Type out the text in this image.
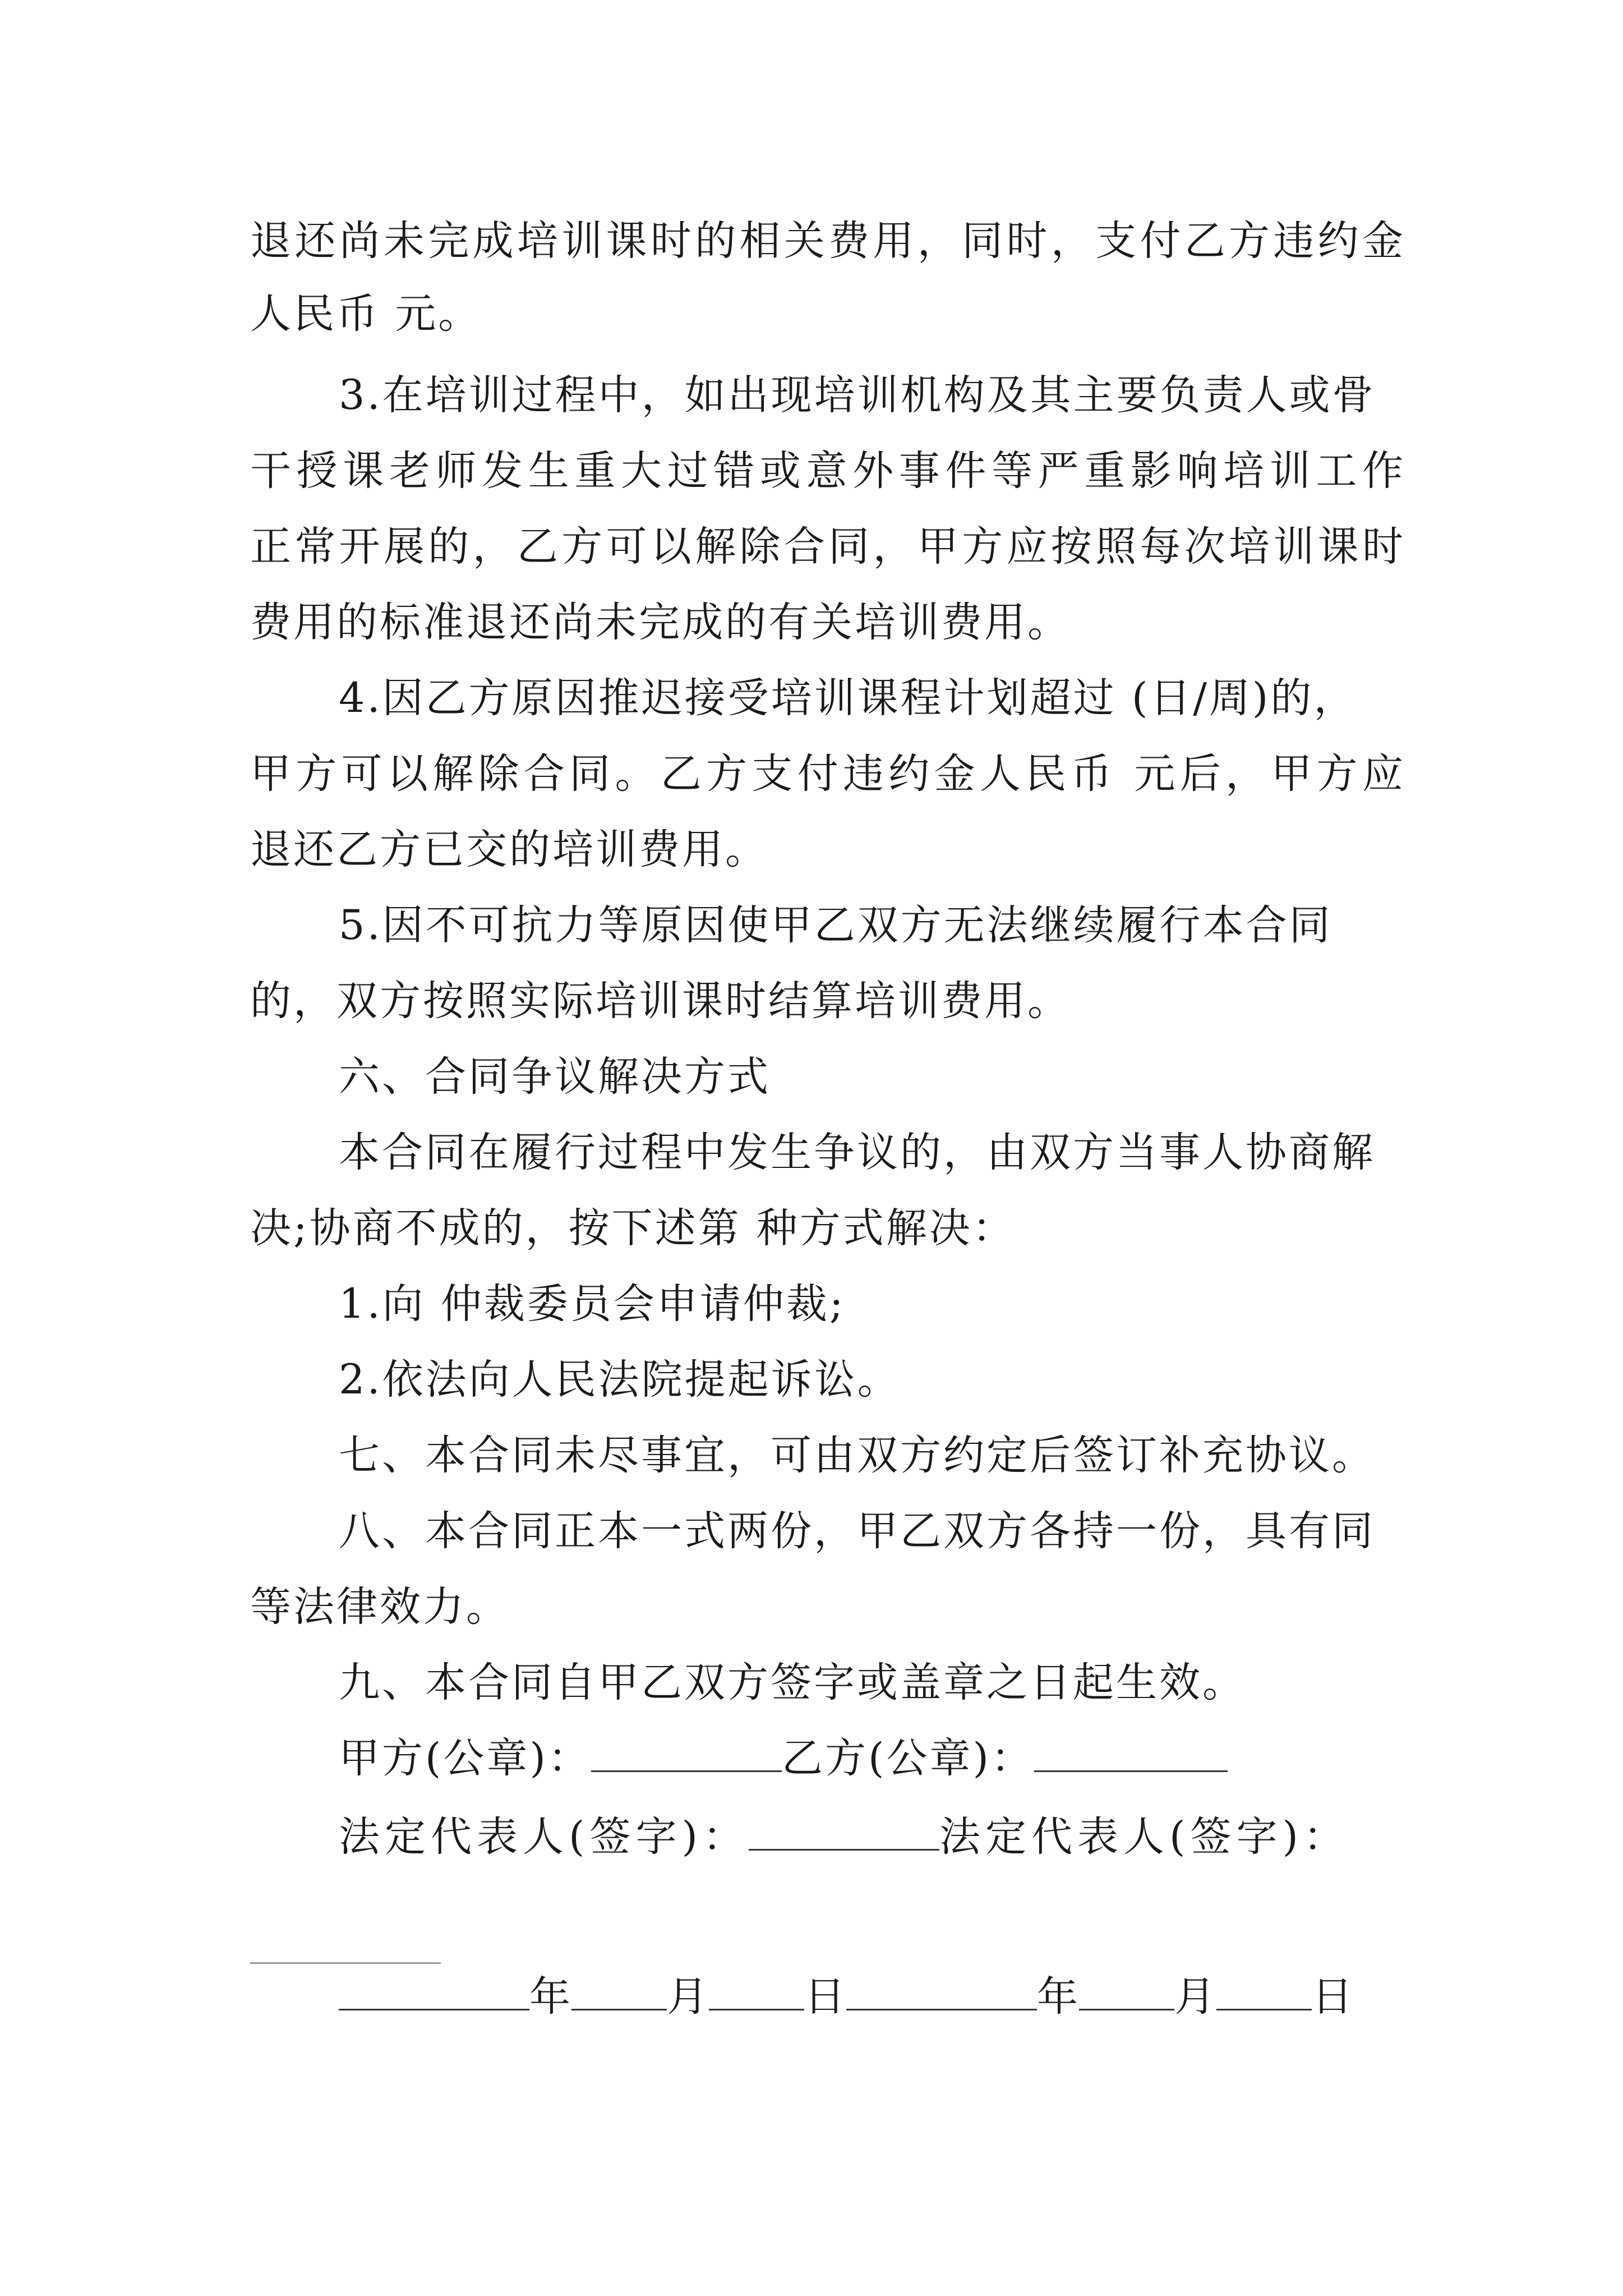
退还尚未完成培训课时的相关费用，同时，支付乙方违约金
人民币 元。
3.在培训过程中，如出现培训机构及其主要负责人或骨
干授课老师发生重大过错或意外事件等严重影响培训工作
正常开展的，乙方可以解除合同，甲方应按照每次培训课时
费用的标准退还尚未完成的有关培训费用。
4.因乙方原因推迟接受培训课程计划超过 (日/周)的，
甲方可以解除合同。乙方支付违约金人民币 元后，甲方应
退还乙方已交的培训费用。
5.因不可抗力等原因使甲乙双方无法继续履行本合同
的，双方按照实际培训课时结算培训费用。
六、合同争议解决方式
本合同在履行过程中发生争议的，由双方当事人协商解
决;协商不成的，按下述第 种方式解决：
1.向 仲裁委员会申请仲裁;
2.依法向人民法院提起诉讼。
七、本合同未尽事宜，可由双方约定后签订补充协议。
八、本合同正本一式两份，甲乙双方各持一份，具有同
等法律效力。
九、本合同自甲乙双方签字或盖章之日起生效。
甲方(公章)：	乙方(公章)：
法定代表人(签字)：	法定代表人(签字)：
年 月 日	年 月 日
